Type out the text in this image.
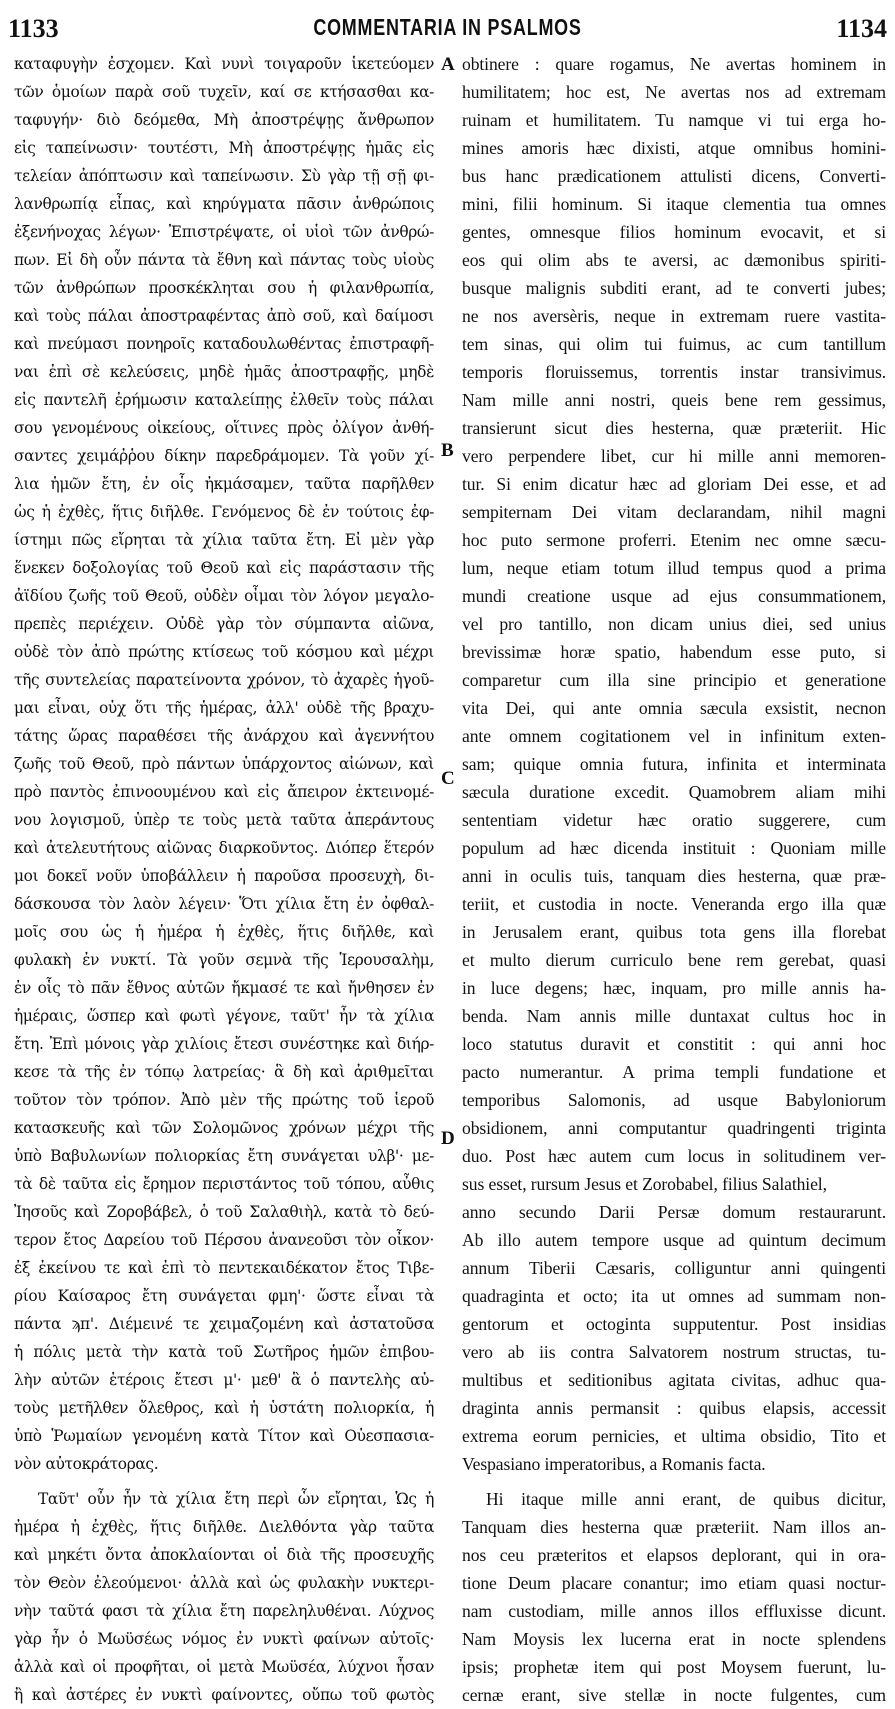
1133	COMMENTARIA IN PSALMOS	1134
καταφυγὴν ἐσχομεν. Καὶ νυνὶ τοιγαροῦν ἱκετεύομεν
τῶν ὁμοίων παρὰ σοῦ τυχεῖν, καί σε κτήσασθαι κα-
ταφυγήν· διὸ δεόμεθα, Μὴ ἀποστρέψῃς ἄνθρωπον
εἰς ταπείνωσιν· τουτέστι, Μὴ ἀποστρέψῃς ἡμᾶς εἰς
τελείαν ἀπόπτωσιν καὶ ταπείνωσιν. Σὺ γὰρ τῇ σῇ φι-
λανθρωπίᾳ εἶπας, καὶ κηρύγματα πᾶσιν ἀνθρώποις
ἐξενήνοχας λέγων· Ἐπιστρέψατε, οἱ υἱοὶ τῶν ἀνθρώ-
πων. Εἰ δὴ οὖν πάντα τὰ ἔθνη καὶ πάντας τοὺς υἱοὺς
τῶν ἀνθρώπων προσκέκληται σου ἡ φιλανθρωπία,
καὶ τοὺς πάλαι ἀποστραφέντας ἀπὸ σοῦ, καὶ δαίμοσι
καὶ πνεύμασι πονηροῖς καταδουλωθέντας ἐπιστραφῆ-
ναι ἐπὶ σὲ κελεύσεις, μηδὲ ἡμᾶς ἀποστραφῇς, μηδὲ
εἰς παντελῆ ἐρήμωσιν καταλείπῃς ἐλθεῖν τοὺς πάλαι
σου γενομένους οἰκείους, οἵτινες πρὸς ὀλίγον ἀνθή-
σαντες χειμάῤῥου δίκην παρεδράμομεν. Τὰ γοῦν χί-
λια ἡμῶν ἔτη, ἐν οἷς ἠκμάσαμεν, ταῦτα παρῆλθεν
ὡς ἡ ἐχθὲς, ἥτις διῆλθε. Γενόμενος δὲ ἐν τούτοις ἐφ-
ίστημι πῶς εἴρηται τὰ χίλια ταῦτα ἔτη. Εἰ μὲν γὰρ
ἕνεκεν δοξολογίας τοῦ Θεοῦ καὶ εἰς παράστασιν τῆς
ἀϊδίου ζωῆς τοῦ Θεοῦ, οὐδὲν οἶμαι τὸν λόγον μεγαλο-
πρεπὲς περιέχειν. Οὐδὲ γὰρ τὸν σύμπαντα αἰῶνα,
οὐδὲ τὸν ἀπὸ πρώτης κτίσεως τοῦ κόσμου καὶ μέχρι
τῆς συντελείας παρατείνοντα χρόνον, τὸ ἀχαρὲς ἡγοῦ-
μαι εἶναι, οὐχ ὅτι τῆς ἡμέρας, ἀλλ' οὐδὲ τῆς βραχυ-
τάτης ὥρας παραθέσει τῆς ἀνάρχου καὶ ἀγεννήτου
ζωῆς τοῦ Θεοῦ, πρὸ πάντων ὑπάρχοντος αἰώνων, καὶ
πρὸ παντὸς ἐπινοουμένου καὶ εἰς ἄπειρον ἐκτεινομέ-
νου λογισμοῦ, ὑπὲρ τε τοὺς μετὰ ταῦτα ἀπεράντους
καὶ ἀτελευτήτους αἰῶνας διαρκοῦντος. Διόπερ ἕτερόν
μοι δοκεῖ νοῦν ὑποβάλλειν ἡ παροῦσα προσευχὴ, δι-
δάσκουσα τὸν λαὸν λέγειν· Ὅτι χίλια ἔτη ἐν ὀφθαλ-
μοῖς σου ὡς ἡ ἡμέρα ἡ ἐχθὲς, ἥτις διῆλθε, καὶ
φυλακὴ ἐν νυκτί. Τὰ γοῦν σεμνὰ τῆς Ἱερουσαλὴμ,
ἐν οἷς τὸ πᾶν ἔθνος αὐτῶν ἤκμασέ τε καὶ ἤνθησεν ἐν
ἡμέραις, ὥσπερ καὶ φωτὶ γέγονε, ταῦτ' ἦν τὰ χίλια
ἔτη. Ἐπὶ μόνοις γὰρ χιλίοις ἔτεσι συνέστηκε καὶ διήρ-
κεσε τὰ τῆς ἐν τόπῳ λατρείας· ἃ δὴ καὶ ἀριθμεῖται
τοῦτον τὸν τρόπον. Ἀπὸ μὲν τῆς πρώτης τοῦ ἱεροῦ
κατασκευῆς καὶ τῶν Σολομῶνος χρόνων μέχρι τῆς
ὑπὸ Βαβυλωνίων πολιορκίας ἔτη συνάγεται υλβ'· με-
τὰ δὲ ταῦτα εἰς ἔρημον περιστάντος τοῦ τόπου, αὖθις
Ἰησοῦς καὶ Ζοροβάβελ, ὁ τοῦ Σαλαθιὴλ, κατὰ τὸ δεύ-
τερον ἔτος Δαρείου τοῦ Πέρσου ἀνανεοῦσι τὸν οἶκον·
ἐξ ἐκείνου τε καὶ ἐπὶ τὸ πεντεκαιδέκατον ἔτος Τιβε-
ρίου Καίσαρος ἔτη συνάγεται φμη'· ὥστε εἶναι τὰ
πάντα ϡπ'. Διέμεινέ τε χειμαζομένη καὶ ἀστατοῦσα
ἡ πόλις μετὰ τὴν κατὰ τοῦ Σωτῆρος ἡμῶν ἐπιβου-
λὴν αὐτῶν ἑτέροις ἔτεσι μ'· μεθ' ἃ ὁ παντελὴς αὐ-
τοὺς μετῆλθεν ὄλεθρος, καὶ ἡ ὑστάτη πολιορκία, ἡ
ὑπὸ Ῥωμαίων γενομένη κατὰ Τίτον καὶ Οὐεσπασια-
νὸν αὐτοκράτορας.
Ταῦτ' οὖν ἦν τὰ χίλια ἔτη περὶ ὧν εἴρηται, Ὡς ἡ
ἡμέρα ἡ ἐχθὲς, ἥτις διῆλθε. Διελθόντα γὰρ ταῦτα
καὶ μηκέτι ὄντα ἀποκλαίονται οἱ διὰ τῆς προσευχῆς
τὸν Θεὸν ἐλεούμενοι· ἀλλὰ καὶ ὡς φυλακὴν νυκτερι-
νὴν ταῦτά φασι τὰ χίλια ἔτη παρεληλυθέναι. Λύχνος
γὰρ ἦν ὁ Μωϋσέως νόμος ἐν νυκτὶ φαίνων αὐτοῖς·
ἀλλὰ καὶ οἱ προφῆται, οἱ μετὰ Μωϋσέα, λύχνοι ἦσαν
ἢ καὶ ἀστέρες ἐν νυκτὶ φαίνοντες, οὔπω τοῦ φωτὸς
obtinere : quare rogamus, Ne avertas hominem in
humilitatem; hoc est, Ne avertas nos ad extremam
ruinam et humilitatem. Tu namque vi tui erga ho-
mines amoris hæc dixisti, atque omnibus homini-
bus hanc prædicationem attulisti dicens, Converti-
mini, filii hominum. Si itaque clementia tua omnes
gentes, omnesque filios hominum evocavit, et si
eos qui olim abs te aversi, ac dæmonibus spiriti-
busque malignis subditi erant, ad te converti jubes;
ne nos aversèris, neque in extremam ruere vastita-
tem sinas, qui olim tui fuimus, ac cum tantillum
temporis floruissemus, torrentis instar transivimus.
Nam mille anni nostri, queis bene rem gessimus,
transierunt sicut dies hesterna, quæ præteriit. Hic
vero perpendere libet, cur hi mille anni memoren-
tur. Si enim dicatur hæc ad gloriam Dei esse, et ad
sempiternam Dei vitam declarandam, nihil magni
hoc puto sermone proferri. Etenim nec omne sæcu-
lum, neque etiam totum illud tempus quod a prima
mundi creatione usque ad ejus consummationem,
vel pro tantillo, non dicam unius diei, sed unius
brevissimæ horæ spatio, habendum esse puto, si
comparetur cum illa sine principio et generatione
vita Dei, qui ante omnia sæcula exsistit, necnon
ante omnem cogitationem vel in infinitum exten-
sam; quique omnia futura, infinita et interminata
sæcula duratione excedit. Quamobrem aliam mihi
sententiam videtur hæc oratio suggerere, cum
populum ad hæc dicenda instituit : Quoniam mille
anni in oculis tuis, tanquam dies hesterna, quæ præ-
teriit, et custodia in nocte. Veneranda ergo illa quæ
in Jerusalem erant, quibus tota gens illa florebat
et multo dierum curriculo bene rem gerebat, quasi
in luce degens; hæc, inquam, pro mille annis ha-
benda. Nam annis mille duntaxat cultus hoc in
loco statutus duravit et constitit : qui anni hoc
pacto numerantur. A prima templi fundatione et
temporibus Salomonis, ad usque Babyloniorum
obsidionem, anni computantur quadringenti triginta
duo. Post hæc autem cum locus in solitudinem ver-
sus esset, rursum Jesus et Zorobabel, filius Salathiel,
anno secundo Darii Persæ domum restaurarunt.
Ab illo autem tempore usque ad quintum decimum
annum Tiberii Cæsaris, colliguntur anni quingenti
quadraginta et octo; ita ut omnes ad summam non-
gentorum et octoginta supputentur. Post insidias
vero ab iis contra Salvatorem nostrum structas, tu-
multibus et seditionibus agitata civitas, adhuc qua-
draginta annis permansit : quibus elapsis, accessit
extrema eorum pernicies, et ultima obsidio, Tito et
Vespasiano imperatoribus, a Romanis facta.
Hi itaque mille anni erant, de quibus dicitur,
Tanquam dies hesterna quæ præteriit. Nam illos an-
nos ceu præteritos et elapsos deplorant, qui in ora-
tione Deum placare conantur; imo etiam quasi noctur-
nam custodiam, mille annos illos effluxisse dicunt.
Nam Moysis lex lucerna erat in nocte splendens
ipsis; prophetæ item qui post Moysem fuerunt, lu-
cernæ erant, sive stellæ in nocte fulgentes, cum
A
B
C
D
